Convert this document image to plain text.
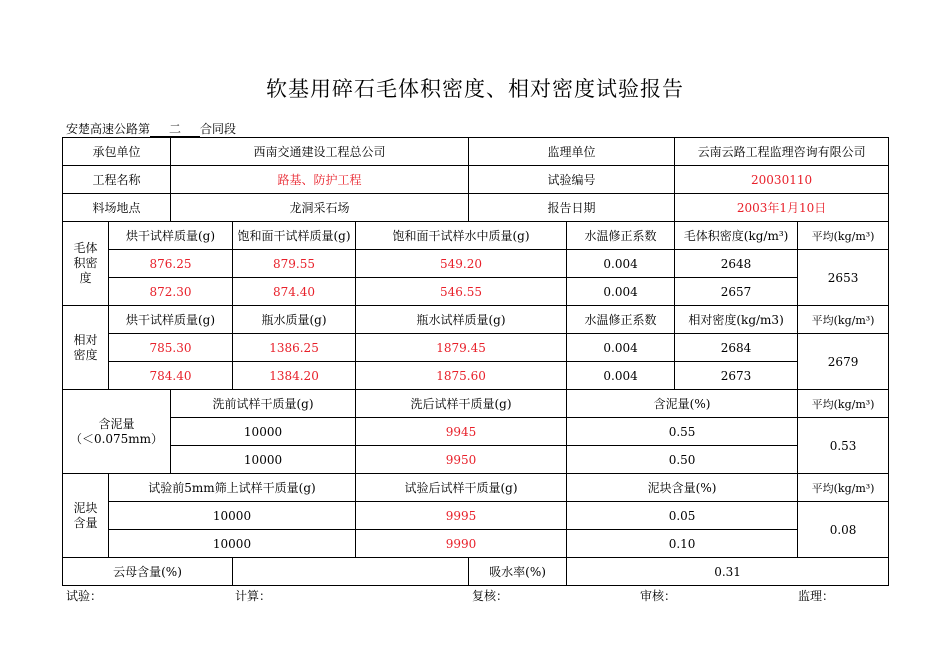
软基用碎石毛体积密度、相对密度试验报告
安楚高速公路第 二 合同段
承包单位		西南交通建设工程总公司			监理单位		云南云路工程监理咨询有限公司	
工程名称		路基、防护工程			试验编号		20030110	
料场地点		龙洞采石场			报告日期		2003年1月10日	
毛体积密度	烘干试样质量(g)		饱和面干试样质量(g)	饱和面干试样水中质量(g)		水温修正系数	毛体积密度(kg/m³)	平均(kg/m³)
	876.25		879.55	549.20		0.004	2648	2653
	872.30		874.40	546.55		0.004	2657	
相对密度	烘干试样质量(g)		瓶水质量(g)	瓶水试样质量(g)		水温修正系数	相对密度(kg/m3)	平均(kg/m³)
	785.30		1386.25	1879.45		0.004	2684	2679
	784.40		1384.20	1875.60		0.004	2673	

含泥量
（＜0.075mm）		洗前试样干质量(g)		洗后试样干质量(g)		含泥量(%)		平均(kg/m³)
		10000		9945		0.55		0.53
		10000		9950		0.50		
泥块含量	试验前5mm筛上试样干质量(g)			试验后试样干质量(g)		泥块含量(%)		平均(kg/m³)
	10000			9995		0.05		0.08
	10000			9990		0.10		
云母含量(%)					吸水率(%)	0.31		
试验：	计算：	复核：	审核：	监理：
